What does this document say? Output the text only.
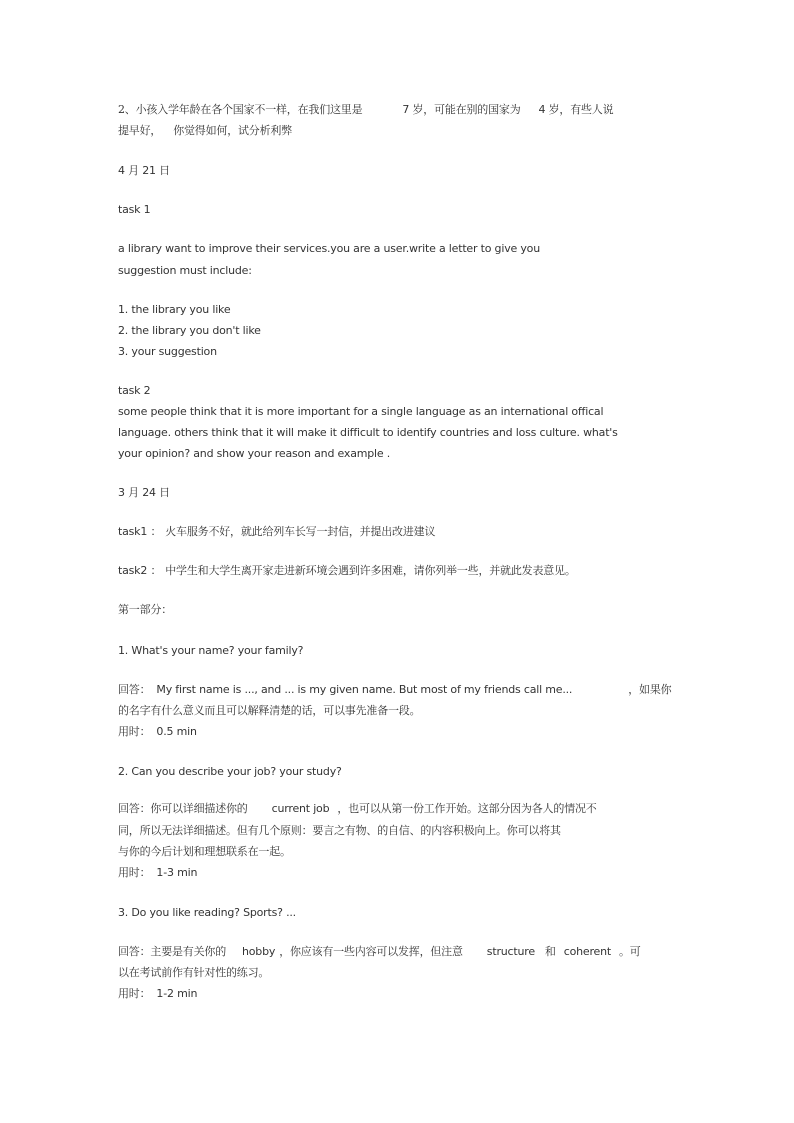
2、小孩入学年龄在各个国家不一样，在我们这里是	7 岁，可能在别的国家为 4 岁，有些人说
提早好， 你觉得如何，试分析利弊
4 月 21 日
task 1
a library want to improve their services.you are a user.write a letter to give you
suggestion must include:
1. the library you like
2. the library you don't like
3. your suggestion
task 2
some people think that it is more important for a single language as an international offical
language. others think that it will make it difficult to identify countries and loss culture. what's
your opinion? and show your reason and example .
3 月 24 日
task1 ： 火车服务不好，就此给列车长写一封信，并提出改进建议
task2 ： 中学生和大学生离开家走进新环境会遇到许多困难，请你列举一些，并就此发表意见。
第一部分：
1. What's your name? your family?
回答： My first name is ..., and ... is my given name. But most of my friends call me...	，如果你
的名字有什么意义而且可以解释清楚的话，可以事先准备一段。
用时： 0.5 min
2. Can you describe your job? your study?
回答：你可以详细描述你的 current job ，也可以从第一份工作开始。这部分因为各人的情况不
同，所以无法详细描述。但有几个原则：要言之有物、的自信、的内容积极向上。你可以将其
与你的今后计划和理想联系在一起。
用时： 1-3 min
3. Do you like reading? Sports? ...
回答：主要是有关你的 hobby ，你应该有一些内容可以发挥，但注意 structure 和 coherent 。可
以在考试前作有针对性的练习。
用时： 1-2 min
